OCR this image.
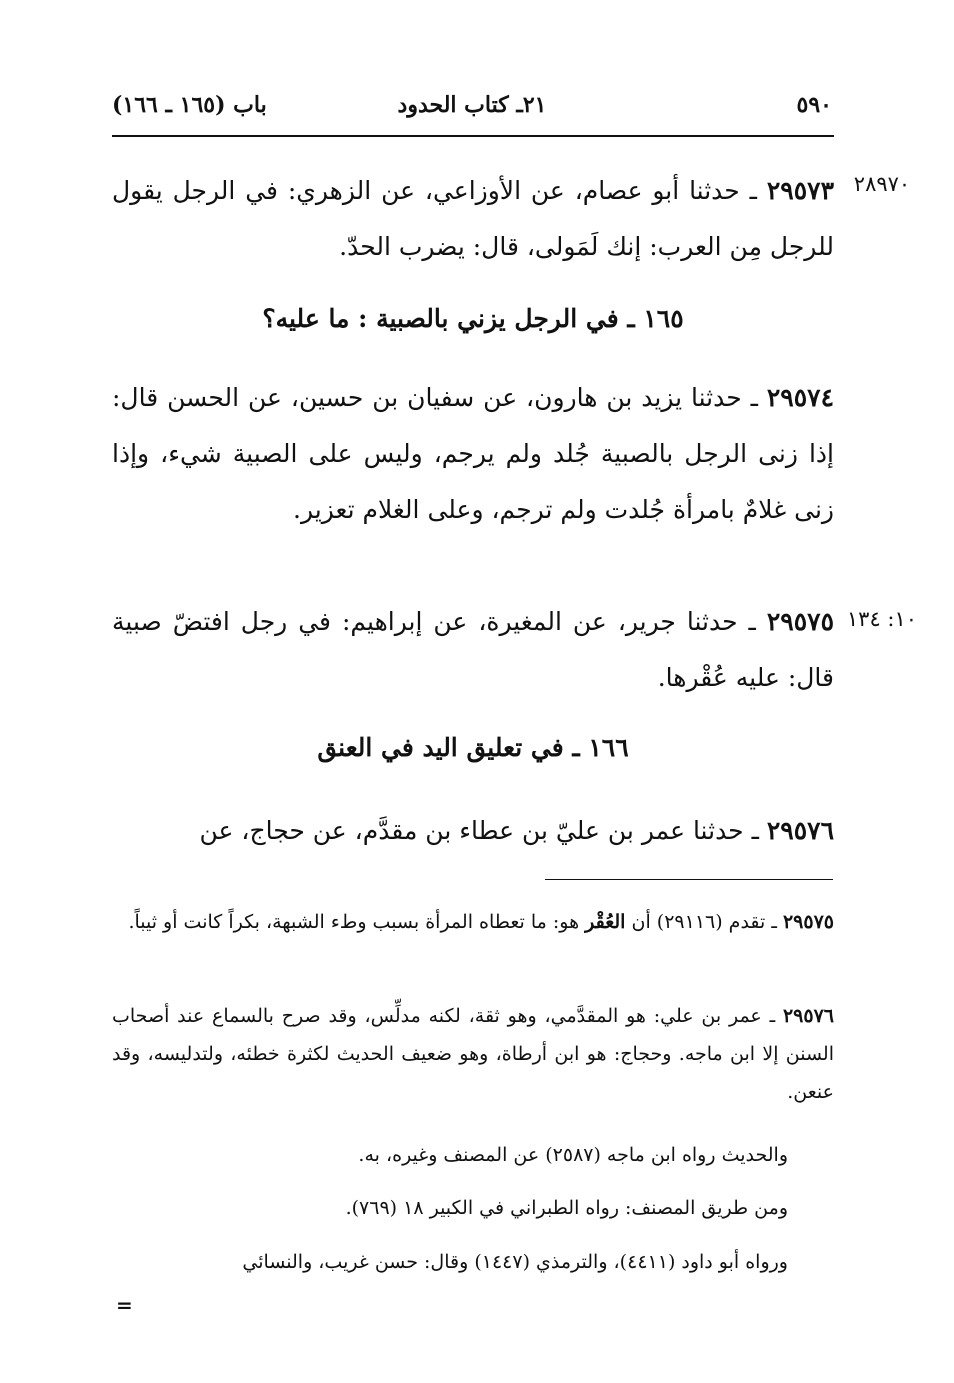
٥٩٠
٢١ـ كتاب الحدود
باب (١٦٥ ـ ١٦٦)
٢٨٩٧٠
٢٩٥٧٣ ـ حدثنا أبو عصام، عن الأوزاعي، عن الزهري: في الرجل يقول للرجل مِن العرب: إنك لَمَولى، قال: يضرب الحدّ.
١٦٥ ـ في الرجل يزني بالصبية : ما عليه؟
٢٩٥٧٤ ـ حدثنا يزيد بن هارون، عن سفيان بن حسين، عن الحسن قال: إذا زنى الرجل بالصبية جُلد ولم يرجم، وليس على الصبية شيء، وإذا زنى غلامٌ بامرأة جُلدت ولم ترجم، وعلى الغلام تعزير.
١٠: ١٣٤
٢٩٥٧٥ ـ حدثنا جرير، عن المغيرة، عن إبراهيم: في رجل افتضّ صبية قال: عليه عُقْرها.
١٦٦ ـ في تعليق اليد في العنق
٢٩٥٧٦ ـ حدثنا عمر بن عليّ بن عطاء بن مقدَّم، عن حجاج، عن
٢٩٥٧٥ ـ تقدم (٢٩١١٦) أن العُقْر هو: ما تعطاه المرأة بسبب وطء الشبهة، بكراً كانت أو ثيباً.
٢٩٥٧٦ ـ عمر بن علي: هو المقدَّمي، وهو ثقة، لكنه مدلِّس، وقد صرح بالسماع عند أصحاب السنن إلا ابن ماجه. وحجاج: هو ابن أرطاة، وهو ضعيف الحديث لكثرة خطئه، ولتدليسه، وقد عنعن.
والحديث رواه ابن ماجه (٢٥٨٧) عن المصنف وغيره، به.
ومن طريق المصنف: رواه الطبراني في الكبير ١٨ (٧٦٩).
ورواه أبو داود (٤٤١١)، والترمذي (١٤٤٧) وقال: حسن غريب، والنسائي
=
